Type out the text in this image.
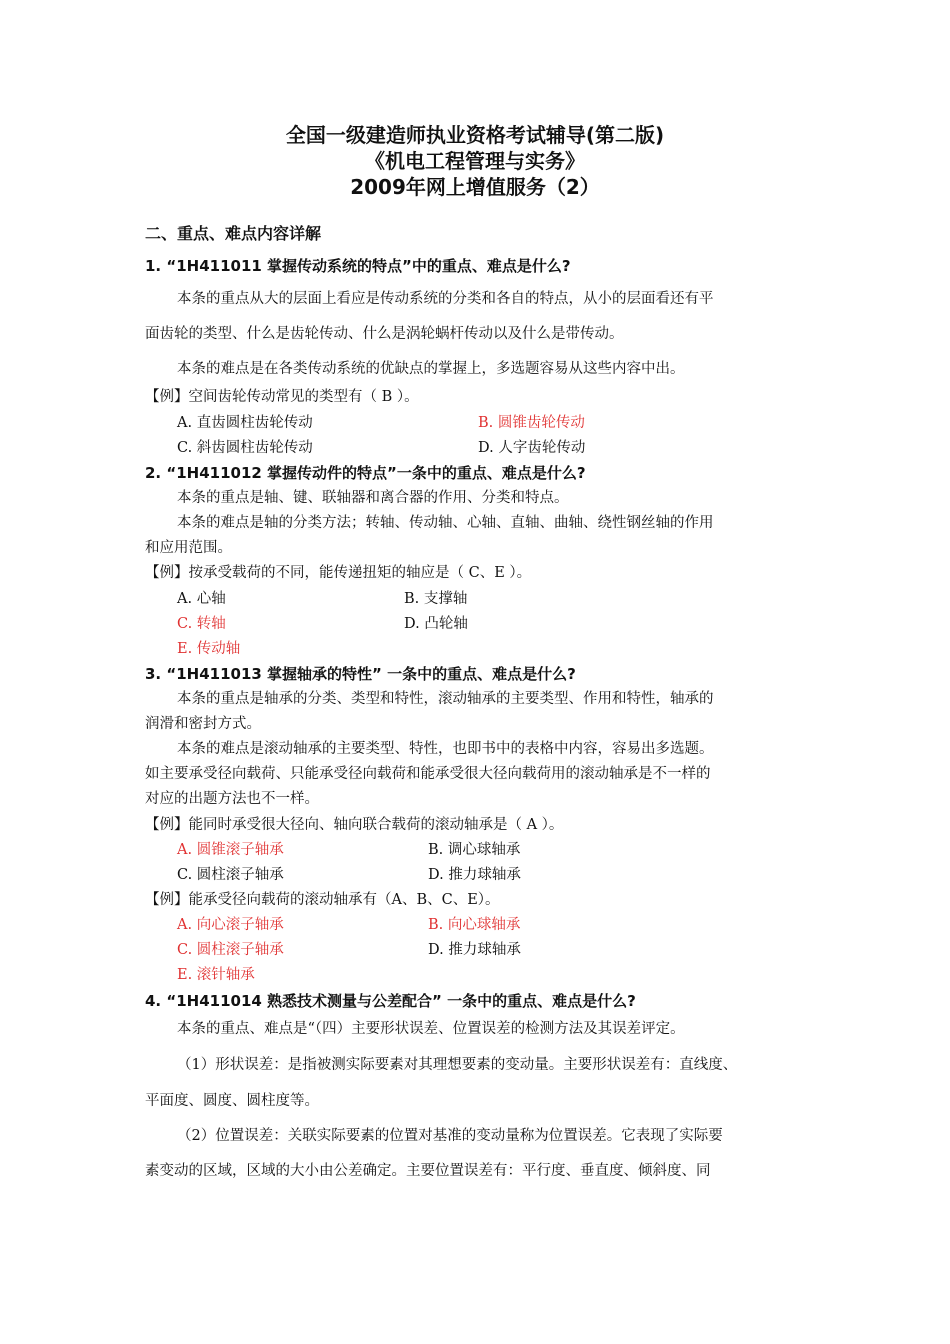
全国一级建造师执业资格考试辅导(第二版)
《机电工程管理与实务》
2009年网上增值服务（2）
二、重点、难点内容详解
1. “1H411011 掌握传动系统的特点”中的重点、难点是什么?
本条的重点从大的层面上看应是传动系统的分类和各自的特点，从小的层面看还有平
面齿轮的类型、什么是齿轮传动、什么是涡轮蜗杆传动以及什么是带传动。
本条的难点是在各类传动系统的优缺点的掌握上，多选题容易从这些内容中出。
【例】空间齿轮传动常见的类型有（ B ）。
A. 直齿圆柱齿轮传动	B. 圆锥齿轮传动
C. 斜齿圆柱齿轮传动	D. 人字齿轮传动
2. “1H411012 掌握传动件的特点”一条中的重点、难点是什么?
本条的重点是轴、键、联轴器和离合器的作用、分类和特点。
本条的难点是轴的分类方法；转轴、传动轴、心轴、直轴、曲轴、绕性钢丝轴的作用
和应用范围。
【例】按承受载荷的不同，能传递扭矩的轴应是（ C、E ）。
A. 心轴	B. 支撑轴
C. 转轴	D. 凸轮轴
E. 传动轴
3. “1H411013 掌握轴承的特性” 一条中的重点、难点是什么?
本条的重点是轴承的分类、类型和特性，滚动轴承的主要类型、作用和特性，轴承的
润滑和密封方式。
本条的难点是滚动轴承的主要类型、特性，也即书中的表格中内容，容易出多选题。
如主要承受径向载荷、只能承受径向载荷和能承受很大径向载荷用的滚动轴承是不一样的
对应的出题方法也不一样。
【例】能同时承受很大径向、轴向联合载荷的滚动轴承是（ A ）。
A. 圆锥滚子轴承	B. 调心球轴承
C. 圆柱滚子轴承	D. 推力球轴承
【例】能承受径向载荷的滚动轴承有（A、B、C、E）。
A. 向心滚子轴承	B. 向心球轴承
C. 圆柱滚子轴承	D. 推力球轴承
E. 滚针轴承
4. “1H411014 熟悉技术测量与公差配合” 一条中的重点、难点是什么?
本条的重点、难点是“（四）主要形状误差、位置误差的检测方法及其误差评定。
（1）形状误差：是指被测实际要素对其理想要素的变动量。主要形状误差有：直线度、
平面度、圆度、圆柱度等。
（2）位置误差：关联实际要素的位置对基准的变动量称为位置误差。它表现了实际要
素变动的区域，区域的大小由公差确定。主要位置误差有：平行度、垂直度、倾斜度、同
